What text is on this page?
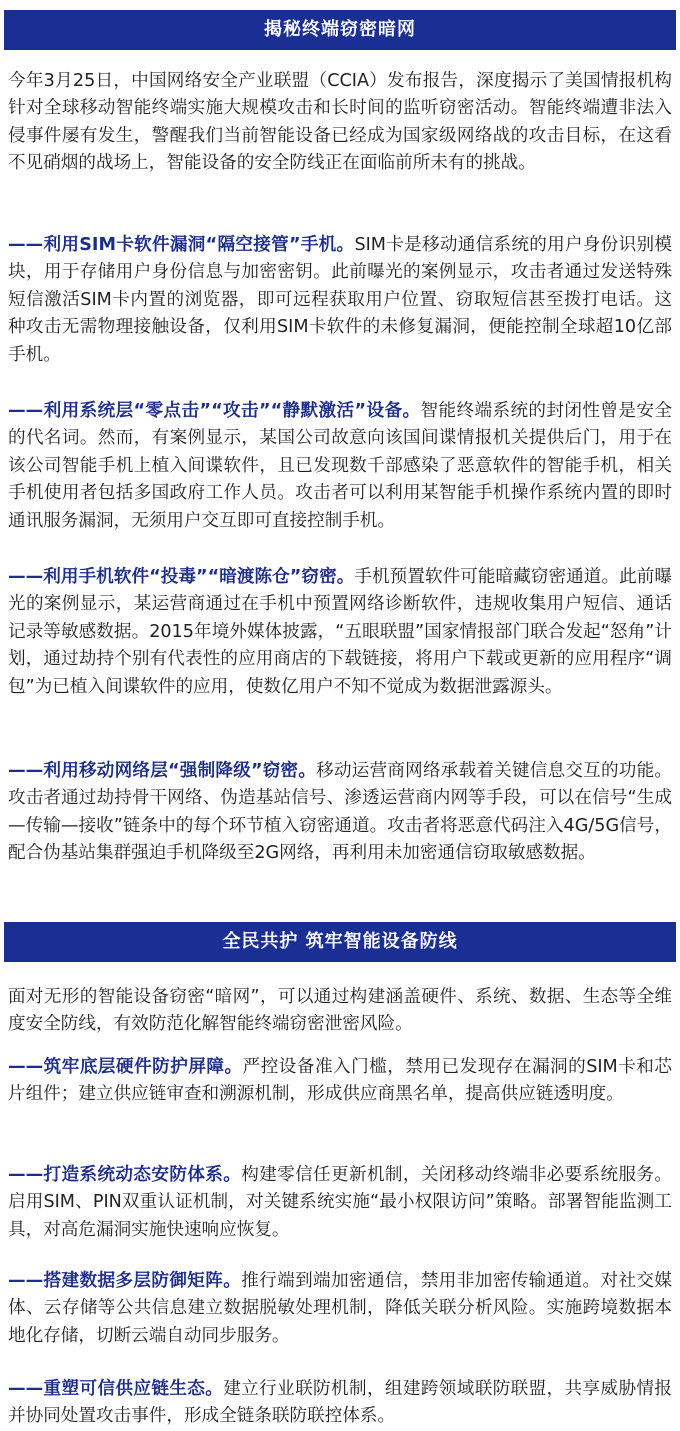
揭秘终端窃密暗网

今年3月25日，中国网络安全产业联盟（CCIA）发布报告，深度揭示了美国情报机构针对全球移动智能终端实施大规模攻击和长时间的监听窃密活动。智能终端遭非法入侵事件屡有发生，警醒我们当前智能设备已经成为国家级网络战的攻击目标，在这看不见硝烟的战场上，智能设备的安全防线正在面临前所未有的挑战。

——利用SIM卡软件漏洞“隔空接管”手机。SIM卡是移动通信系统的用户身份识别模块，用于存储用户身份信息与加密密钥。此前曝光的案例显示，攻击者通过发送特殊短信激活SIM卡内置的浏览器，即可远程获取用户位置、窃取短信甚至拨打电话。这种攻击无需物理接触设备，仅利用SIM卡软件的未修复漏洞，便能控制全球超10亿部手机。

——利用系统层“零点击”“攻击”“静默激活”设备。智能终端系统的封闭性曾是安全的代名词。然而，有案例显示，某国公司故意向该国间谍情报机关提供后门，用于在该公司智能手机上植入间谍软件，且已发现数千部感染了恶意软件的智能手机，相关手机使用者包括多国政府工作人员。攻击者可以利用某智能手机操作系统内置的即时通讯服务漏洞，无须用户交互即可直接控制手机。

——利用手机软件“投毒”“暗渡陈仓”窃密。手机预置软件可能暗藏窃密通道。此前曝光的案例显示，某运营商通过在手机中预置网络诊断软件，违规收集用户短信、通话记录等敏感数据。2015年境外媒体披露，“五眼联盟”国家情报部门联合发起“怒角”计划，通过劫持个别有代表性的应用商店的下载链接，将用户下载或更新的应用程序“调包”为已植入间谍软件的应用，使数亿用户不知不觉成为数据泄露源头。

——利用移动网络层“强制降级”窃密。移动运营商网络承载着关键信息交互的功能。攻击者通过劫持骨干网络、伪造基站信号、渗透运营商内网等手段，可以在信号“生成—传输—接收”链条中的每个环节植入窃密通道。攻击者将恶意代码注入4G/5G信号，配合伪基站集群强迫手机降级至2G网络，再利用未加密通信窃取敏感数据。

全民共护 筑牢智能设备防线

面对无形的智能设备窃密“暗网”，可以通过构建涵盖硬件、系统、数据、生态等全维度安全防线，有效防范化解智能终端窃密泄密风险。

——筑牢底层硬件防护屏障。严控设备准入门槛，禁用已发现存在漏洞的SIM卡和芯片组件；建立供应链审查和溯源机制，形成供应商黑名单，提高供应链透明度。

——打造系统动态安防体系。构建零信任更新机制，关闭移动终端非必要系统服务。启用SIM、PIN双重认证机制，对关键系统实施“最小权限访问”策略。部署智能监测工具，对高危漏洞实施快速响应恢复。

——搭建数据多层防御矩阵。推行端到端加密通信，禁用非加密传输通道。对社交媒体、云存储等公共信息建立数据脱敏处理机制，降低关联分析风险。实施跨境数据本地化存储，切断云端自动同步服务。

——重塑可信供应链生态。建立行业联防机制，组建跨领域联防联盟，共享威胁情报并协同处置攻击事件，形成全链条联防联控体系。
